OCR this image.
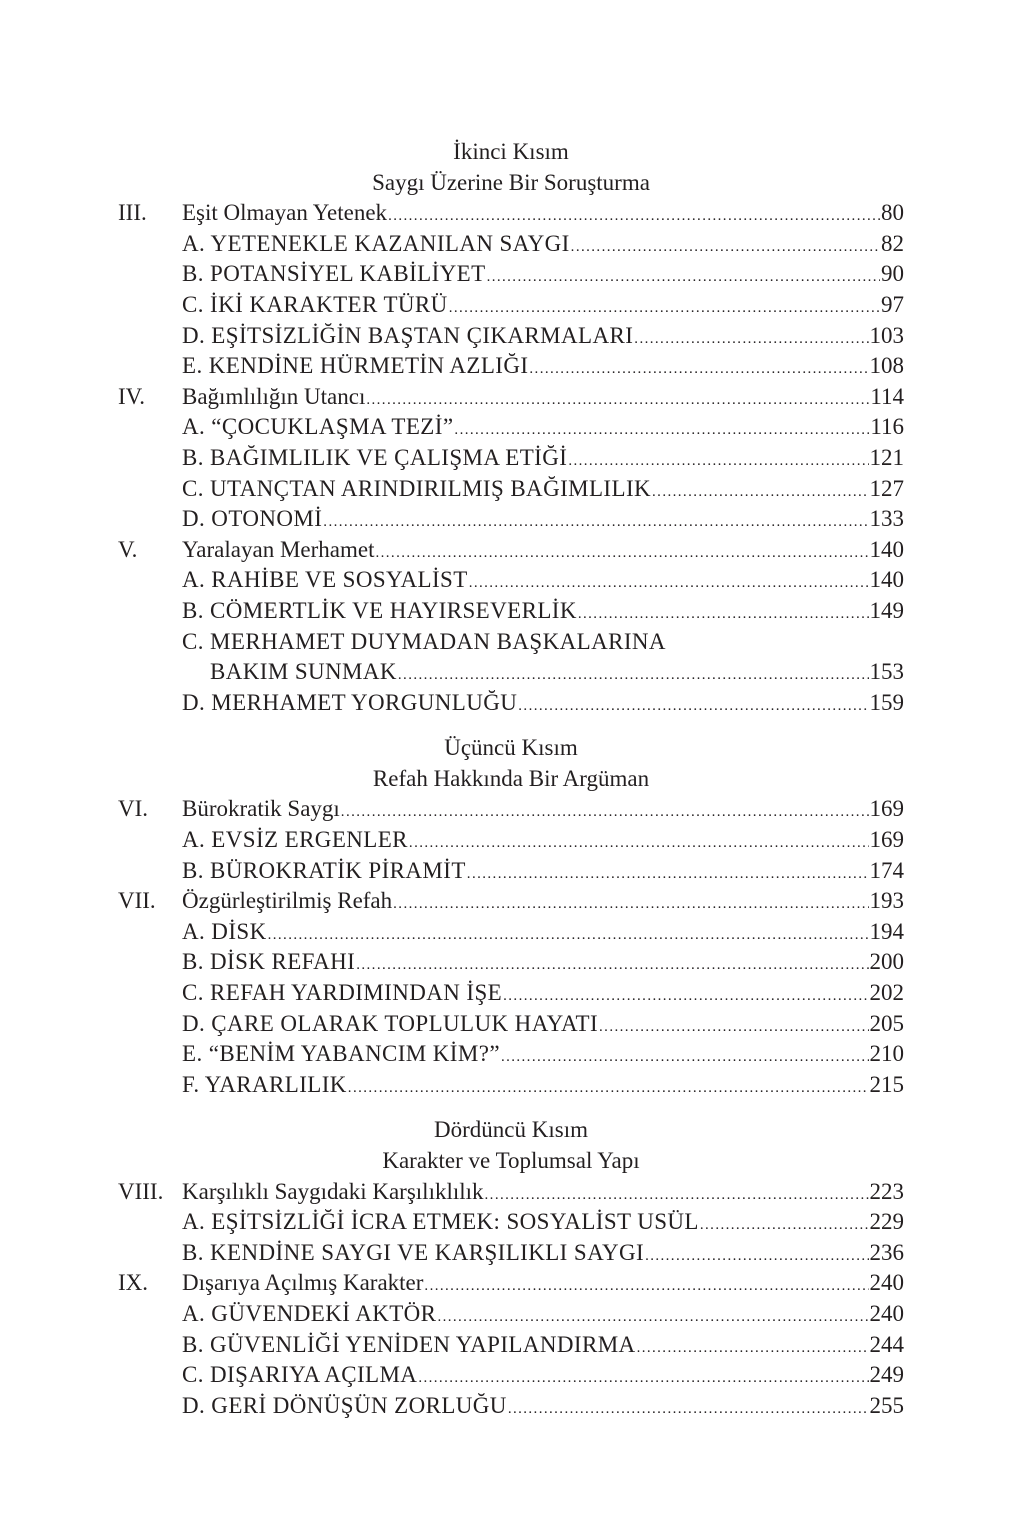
İkinci Kısım
Saygı Üzerine Bir Soruşturma
III.	Eşit Olmayan Yetenek .....	80
A. YETENEKLE KAZANILAN SAYGI .....	82
B. POTANSİYEL KABİLİYET .....	90
C. İKİ KARAKTER TÜRÜ .....	97
D. EŞİTSİZLİĞİN BAŞTAN ÇIKARMALARI .....	103
E. KENDİNE HÜRMETİN AZLIĞI .....	108
IV.	Bağımlılığın Utancı .....	114
A. “ÇOCUKLAŞMA TEZİ” .....	116
B. BAĞIMLILIK VE ÇALIŞMA ETİĞİ .....	121
C. UTANÇTAN ARINDIRILMIŞ BAĞIMLILIK .....	127
D. OTONOMİ .....	133
V.	Yaralayan Merhamet .....	140
A. RAHİBE VE SOSYALİST .....	140
B. CÖMERTLİK VE HAYIRSEVERLİK .....	149
C. MERHAMET DUYMADAN BAŞKALARINA
BAKIM SUNMAK .....	153
D. MERHAMET YORGUNLUĞU .....	159
Üçüncü Kısım
Refah Hakkında Bir Argüman
VI.	Bürokratik Saygı .....	169
A. EVSİZ ERGENLER .....	169
B. BÜROKRATİK PİRAMİT .....	174
VII.	Özgürleştirilmiş Refah .....	193
A. DİSK .....	194
B. DİSK REFAHI .....	200
C. REFAH YARDIMINDAN İŞE .....	202
D. ÇARE OLARAK TOPLULUK HAYATI .....	205
E. “BENİM YABANCIM KİM?” .....	210
F. YARARLILIK .....	215
Dördüncü Kısım
Karakter ve Toplumsal Yapı
VIII. Karşılıklı Saygıdaki Karşılıklılık .....	223
A. EŞİTSİZLİĞİ İCRA ETMEK: SOSYALİST USÜL .....	229
B. KENDİNE SAYGI VE KARŞILIKLI SAYGI .....	236
IX.	Dışarıya Açılmış Karakter .....	240
A. GÜVENDEKİ AKTÖR .....	240
B. GÜVENLİĞİ YENİDEN YAPILANDIRMA .....	244
C. DIŞARIYA AÇILMA .....	249
D. GERİ DÖNÜŞÜN ZORLUĞU .....	255
